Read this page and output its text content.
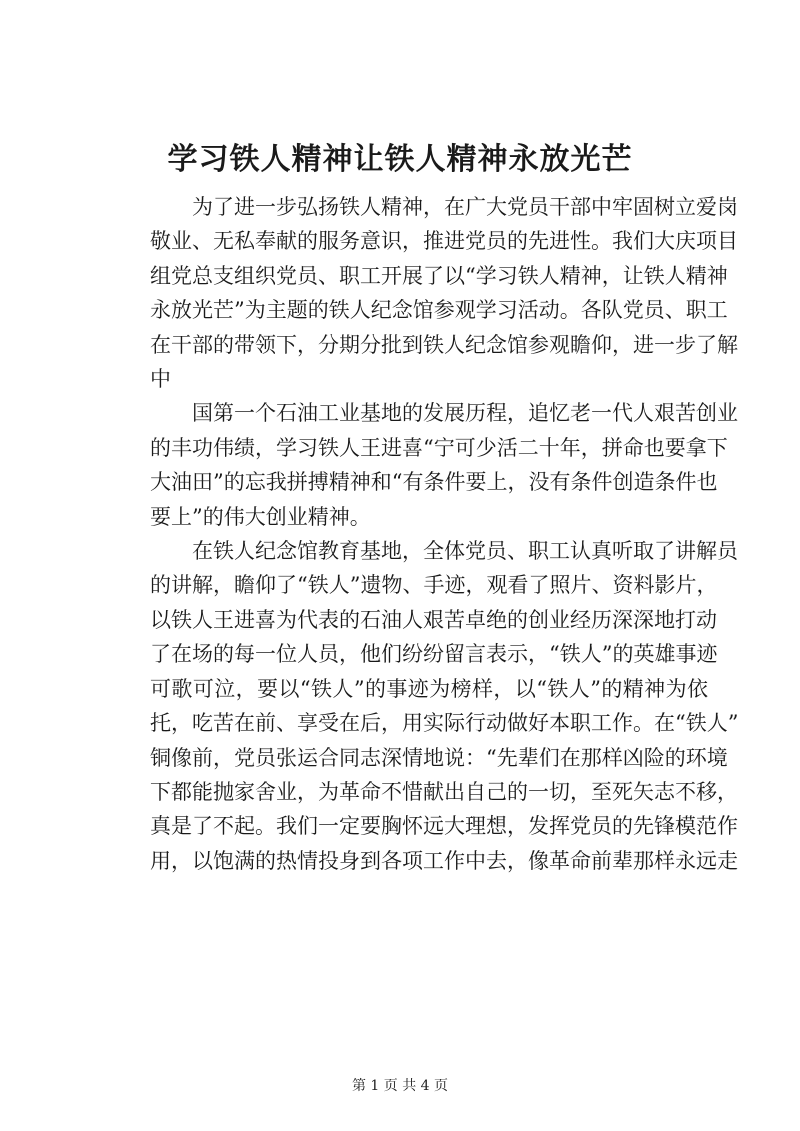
学习铁人精神让铁人精神永放光芒

为了进一步弘扬铁人精神，在广大党员干部中牢固树立爱岗
敬业、无私奉献的服务意识，推进党员的先进性。我们大庆项目
组党总支组织党员、职工开展了以“学习铁人精神，让铁人精神
永放光芒”为主题的铁人纪念馆参观学习活动。各队党员、职工
在干部的带领下，分期分批到铁人纪念馆参观瞻仰，进一步了解
中

国第一个石油工业基地的发展历程，追忆老一代人艰苦创业
的丰功伟绩，学习铁人王进喜“宁可少活二十年，拼命也要拿下
大油田”的忘我拼搏精神和“有条件要上，没有条件创造条件也
要上”的伟大创业精神。

在铁人纪念馆教育基地，全体党员、职工认真听取了讲解员
的讲解，瞻仰了“铁人”遗物、手迹，观看了照片、资料影片，
以铁人王进喜为代表的石油人艰苦卓绝的创业经历深深地打动
了在场的每一位人员，他们纷纷留言表示，“铁人”的英雄事迹
可歌可泣，要以“铁人”的事迹为榜样，以“铁人”的精神为依
托，吃苦在前、享受在后，用实际行动做好本职工作。在“铁人”
铜像前，党员张运合同志深情地说：“先辈们在那样凶险的环境
下都能抛家舍业，为革命不惜献出自己的一切，至死矢志不移，
真是了不起。我们一定要胸怀远大理想，发挥党员的先锋模范作
用，以饱满的热情投身到各项工作中去，像革命前辈那样永远走

第 1 页 共 4 页
